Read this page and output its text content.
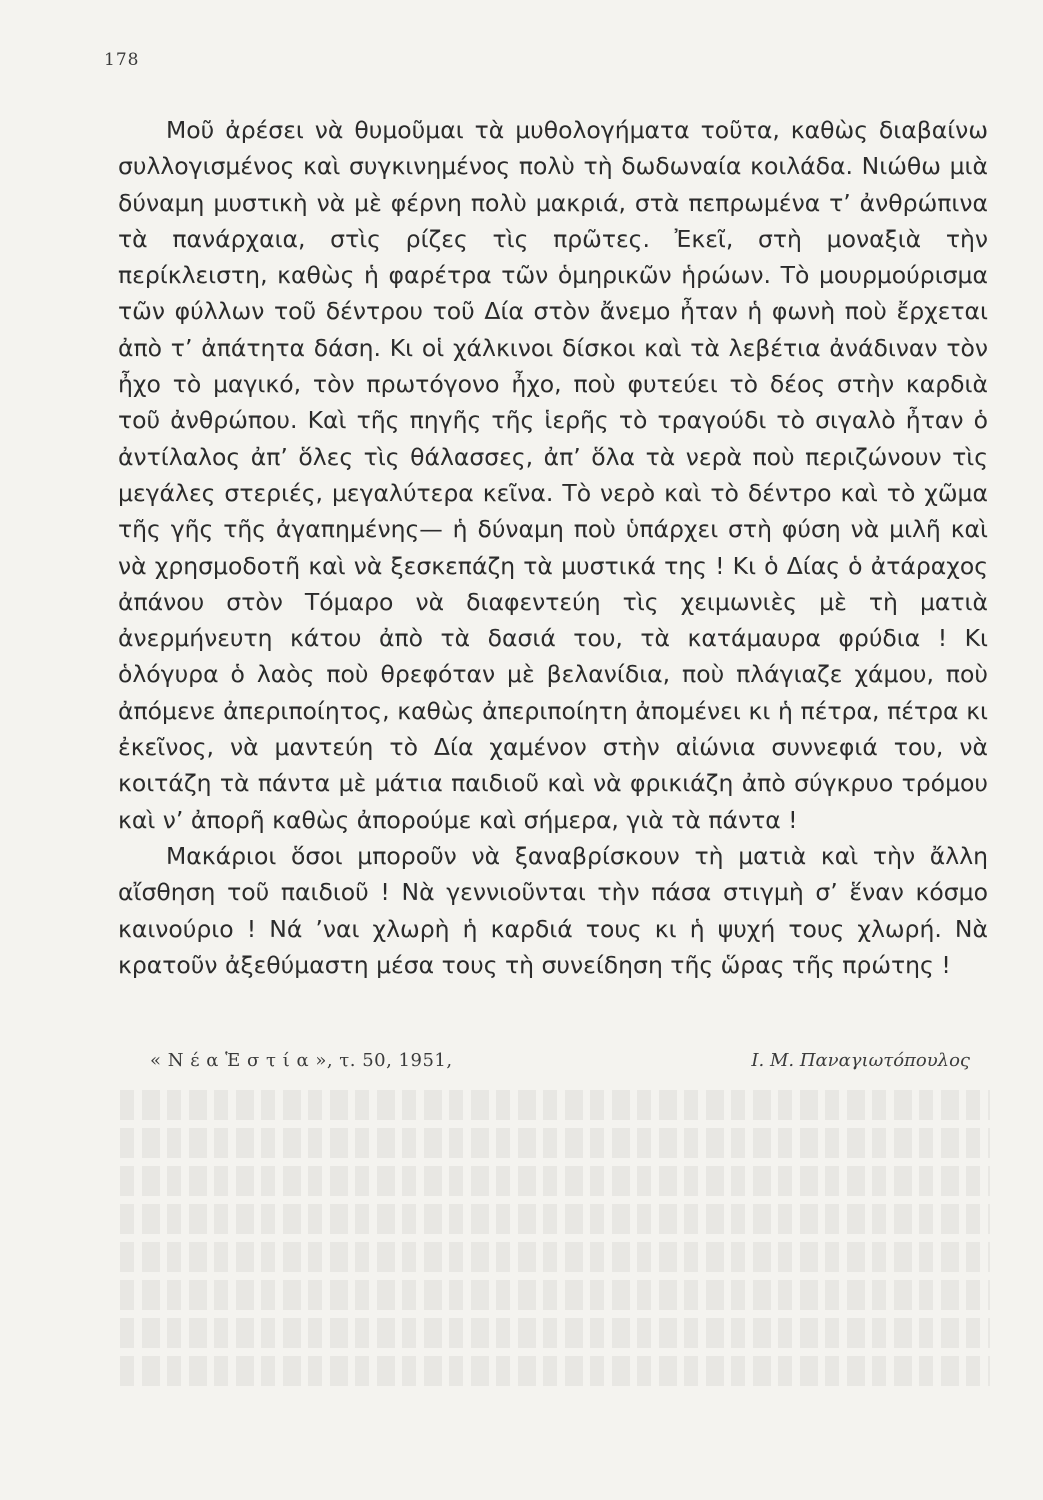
178

Μοῦ ἀρέσει νὰ θυμοῦμαι τὰ μυθολογήματα τοῦτα, καθὼς διαβαίνω συλλογισμένος καὶ συγκινημένος πολὺ τὴ δωδωναία κοιλάδα. Νιώθω μιὰ δύναμη μυστικὴ νὰ μὲ φέρνη πολὺ μακριά, στὰ πεπρωμένα τ’ ἀνθρώπινα τὰ πανάρχαια, στὶς ρίζες τὶς πρῶτες. Ἐκεῖ, στὴ μοναξιὰ τὴν περίκλειστη, καθὼς ἡ φαρέτρα τῶν ὁμηρικῶν ἡρώων. Τὸ μουρμούρισμα τῶν φύλλων τοῦ δέντρου τοῦ Δία στὸν ἄνεμο ἦταν ἡ φωνὴ ποὺ ἔρχεται ἀπὸ τ’ ἀπάτητα δάση. Κι οἱ χάλκινοι δίσκοι καὶ τὰ λεβέτια ἀνάδιναν τὸν ἦχο τὸ μαγικό, τὸν πρωτόγονο ἦχο, ποὺ φυτεύει τὸ δέος στὴν καρδιὰ τοῦ ἀνθρώπου. Καὶ τῆς πηγῆς τῆς ἱερῆς τὸ τραγούδι τὸ σιγαλὸ ἦταν ὁ ἀντίλαλος ἀπ’ ὅλες τὶς θάλασσες, ἀπ’ ὅλα τὰ νερὰ ποὺ περιζώνουν τὶς μεγάλες στεριές, μεγαλύτερα κεῖνα. Τὸ νερὸ καὶ τὸ δέντρο καὶ τὸ χῶμα τῆς γῆς τῆς ἀγαπημένης— ἡ δύναμη ποὺ ὑπάρχει στὴ φύση νὰ μιλῆ καὶ νὰ χρησμοδοτῆ καὶ νὰ ξεσκεπάζη τὰ μυστικά της ! Κι ὁ Δίας ὁ ἀτάραχος ἀπάνου στὸν Τόμαρο νὰ διαφεντεύη τὶς χειμωνιὲς μὲ τὴ ματιὰ ἀνερμήνευτη κάτου ἀπὸ τὰ δασιά του, τὰ κατάμαυρα φρύδια ! Κι ὁλόγυρα ὁ λαὸς ποὺ θρεφόταν μὲ βελανίδια, ποὺ πλάγιαζε χάμου, ποὺ ἀπόμενε ἀπεριποίητος, καθὼς ἀπεριποίητη ἀπομένει κι ἡ πέτρα, πέτρα κι ἐκεῖνος, νὰ μαντεύη τὸ Δία χαμένον στὴν αἰώνια συννεφιά του, νὰ κοιτάζη τὰ πάντα μὲ μάτια παιδιοῦ καὶ νὰ φρικιάζη ἀπὸ σύγκρυο τρόμου καὶ ν’ ἀπορῆ καθὼς ἀπορούμε καὶ σήμερα, γιὰ τὰ πάντα !

Μακάριοι ὅσοι μποροῦν νὰ ξαναβρίσκουν τὴ ματιὰ καὶ τὴν ἄλλη αἴσθηση τοῦ παιδιοῦ ! Νὰ γεννιοῦνται τὴν πάσα στιγμὴ σ’ ἕναν κόσμο καινούριο ! Νά ’ναι χλωρὴ ἡ καρδιά τους κι ἡ ψυχή τους χλωρή. Νὰ κρατοῦν ἀξεθύμαστη μέσα τους τὴ συνείδηση τῆς ὥρας τῆς πρώτης !

« Ν έ α Ἑ σ τ ί α », τ. 50, 1951,	Ι. Μ. Παναγιωτόπουλος
